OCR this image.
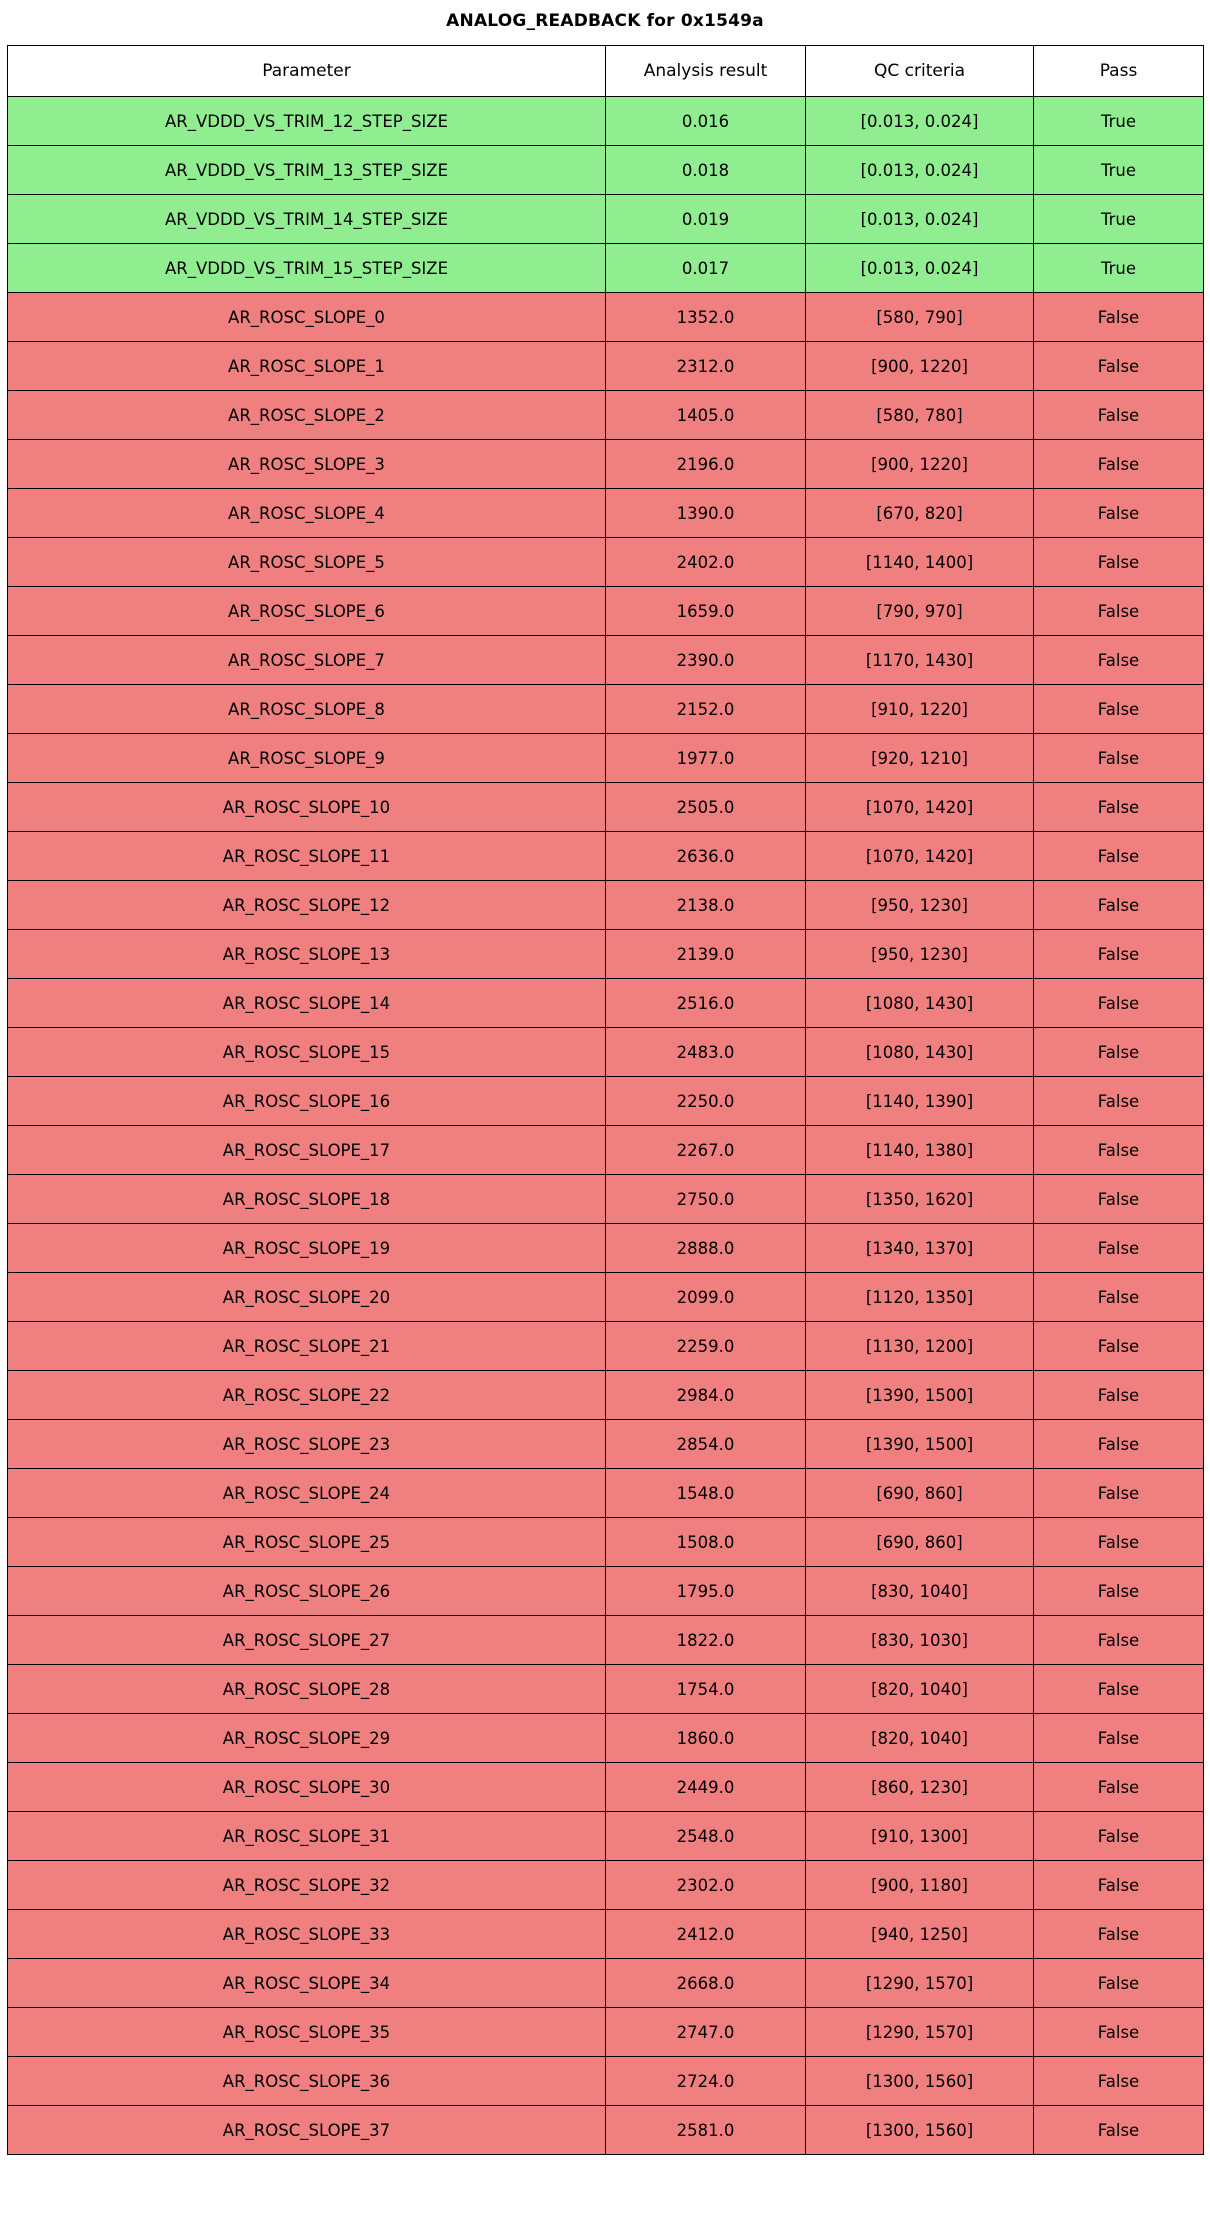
ANALOG_READBACK for 0x1549a
Parameter	Analysis result	QC criteria	Pass
AR_VDDD_VS_TRIM_12_STEP_SIZE	0.016	[0.013, 0.024]	True
AR_VDDD_VS_TRIM_13_STEP_SIZE	0.018	[0.013, 0.024]	True
AR_VDDD_VS_TRIM_14_STEP_SIZE	0.019	[0.013, 0.024]	True
AR_VDDD_VS_TRIM_15_STEP_SIZE	0.017	[0.013, 0.024]	True
AR_ROSC_SLOPE_0	1352.0	[580, 790]	False
AR_ROSC_SLOPE_1	2312.0	[900, 1220]	False
AR_ROSC_SLOPE_2	1405.0	[580, 780]	False
AR_ROSC_SLOPE_3	2196.0	[900, 1220]	False
AR_ROSC_SLOPE_4	1390.0	[670, 820]	False
AR_ROSC_SLOPE_5	2402.0	[1140, 1400]	False
AR_ROSC_SLOPE_6	1659.0	[790, 970]	False
AR_ROSC_SLOPE_7	2390.0	[1170, 1430]	False
AR_ROSC_SLOPE_8	2152.0	[910, 1220]	False
AR_ROSC_SLOPE_9	1977.0	[920, 1210]	False
AR_ROSC_SLOPE_10	2505.0	[1070, 1420]	False
AR_ROSC_SLOPE_11	2636.0	[1070, 1420]	False
AR_ROSC_SLOPE_12	2138.0	[950, 1230]	False
AR_ROSC_SLOPE_13	2139.0	[950, 1230]	False
AR_ROSC_SLOPE_14	2516.0	[1080, 1430]	False
AR_ROSC_SLOPE_15	2483.0	[1080, 1430]	False
AR_ROSC_SLOPE_16	2250.0	[1140, 1390]	False
AR_ROSC_SLOPE_17	2267.0	[1140, 1380]	False
AR_ROSC_SLOPE_18	2750.0	[1350, 1620]	False
AR_ROSC_SLOPE_19	2888.0	[1340, 1370]	False
AR_ROSC_SLOPE_20	2099.0	[1120, 1350]	False
AR_ROSC_SLOPE_21	2259.0	[1130, 1200]	False
AR_ROSC_SLOPE_22	2984.0	[1390, 1500]	False
AR_ROSC_SLOPE_23	2854.0	[1390, 1500]	False
AR_ROSC_SLOPE_24	1548.0	[690, 860]	False
AR_ROSC_SLOPE_25	1508.0	[690, 860]	False
AR_ROSC_SLOPE_26	1795.0	[830, 1040]	False
AR_ROSC_SLOPE_27	1822.0	[830, 1030]	False
AR_ROSC_SLOPE_28	1754.0	[820, 1040]	False
AR_ROSC_SLOPE_29	1860.0	[820, 1040]	False
AR_ROSC_SLOPE_30	2449.0	[860, 1230]	False
AR_ROSC_SLOPE_31	2548.0	[910, 1300]	False
AR_ROSC_SLOPE_32	2302.0	[900, 1180]	False
AR_ROSC_SLOPE_33	2412.0	[940, 1250]	False
AR_ROSC_SLOPE_34	2668.0	[1290, 1570]	False
AR_ROSC_SLOPE_35	2747.0	[1290, 1570]	False
AR_ROSC_SLOPE_36	2724.0	[1300, 1560]	False
AR_ROSC_SLOPE_37	2581.0	[1300, 1560]	False
